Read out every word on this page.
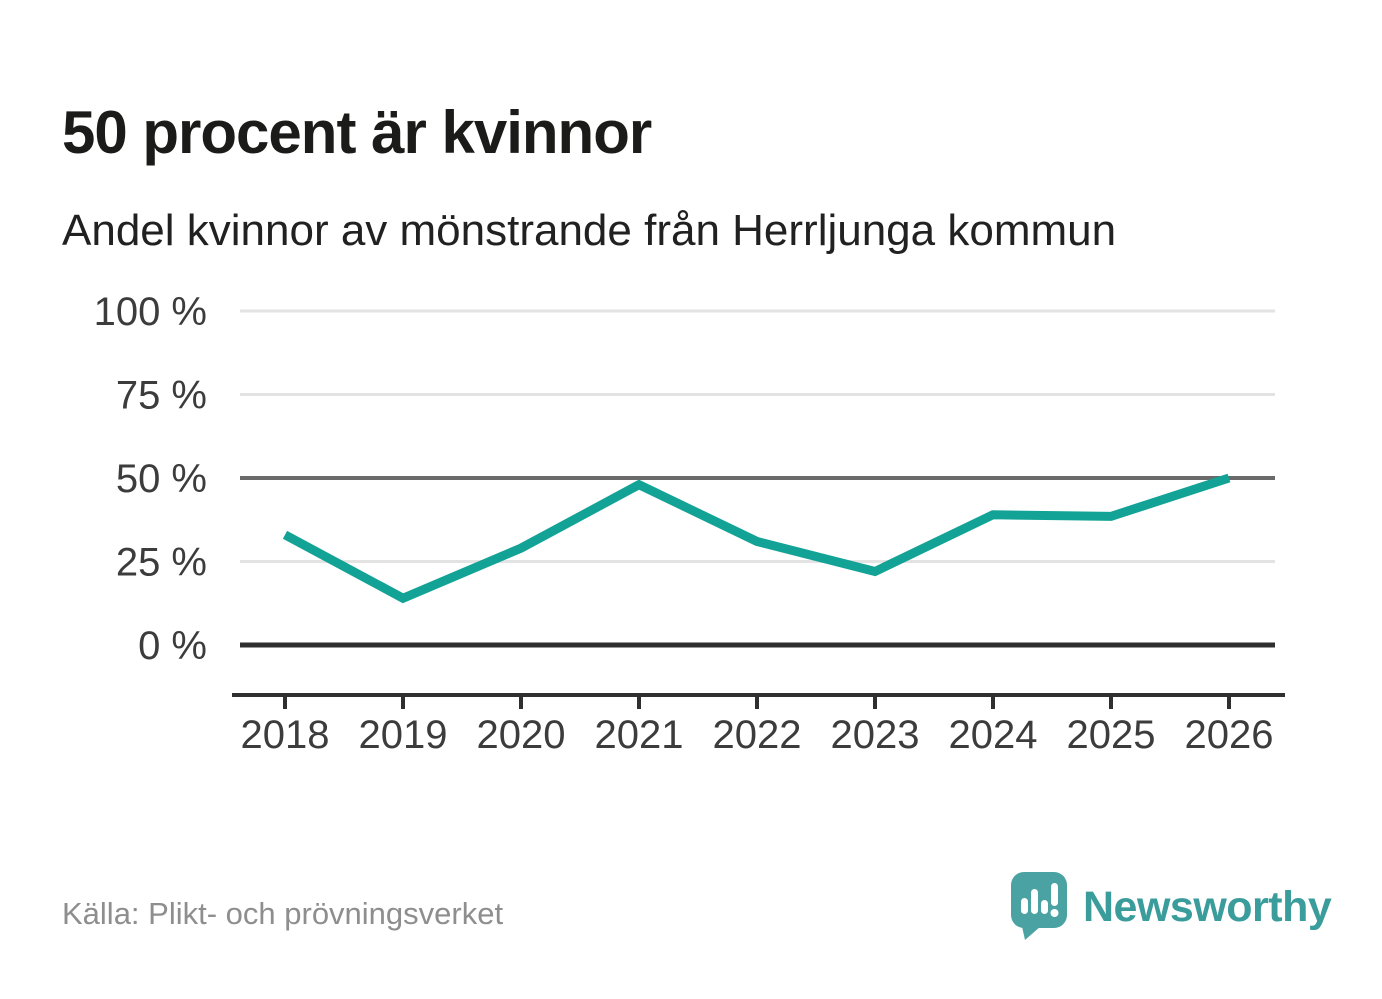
50 procent är kvinnor
Andel kvinnor av mönstrande från Herrljunga kommun
0 %
25 %
50 %
75 %
100 %
2018 2019 2020 2021 2022 2023 2024 2025 2026
Källa: Plikt- och prövningsverket	Newsworthy
